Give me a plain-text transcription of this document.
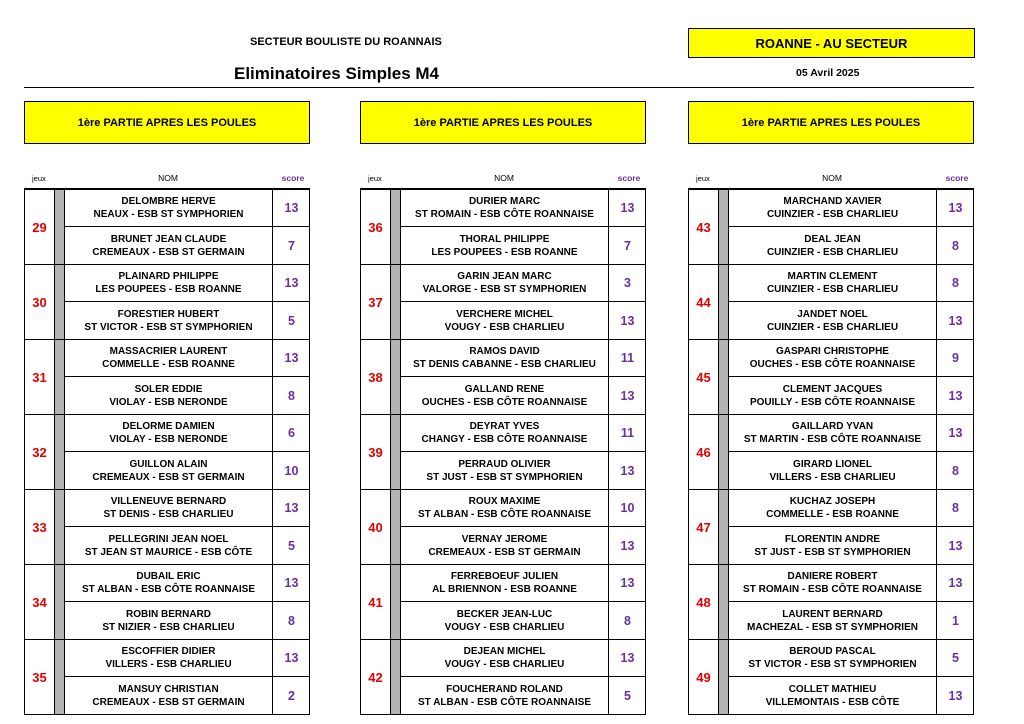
SECTEUR BOULISTE DU ROANNAIS
Eliminatoires Simples M4
ROANNE - AU SECTEUR
05 Avril 2025
1ère PARTIE APRES LES POULES
jeux	NOM	score
29
DELOMBRE HERVE
NEAUX - ESB ST SYMPHORIEN	13
BRUNET JEAN CLAUDE
CREMEAUX - ESB ST GERMAIN	7
30
PLAINARD PHILIPPE
LES POUPEES - ESB ROANNE	13
FORESTIER HUBERT
ST VICTOR - ESB ST SYMPHORIEN	5
31
MASSACRIER LAURENT
COMMELLE - ESB ROANNE	13
SOLER EDDIE
VIOLAY - ESB NERONDE	8
32
DELORME DAMIEN
VIOLAY - ESB NERONDE	6
GUILLON ALAIN
CREMEAUX - ESB ST GERMAIN	10
33
VILLENEUVE BERNARD
ST DENIS - ESB CHARLIEU	13
PELLEGRINI JEAN NOEL
ST JEAN ST MAURICE - ESB CÔTE	5
34
DUBAIL ERIC
ST ALBAN - ESB CÔTE ROANNAISE	13
ROBIN BERNARD
ST NIZIER - ESB CHARLIEU	8
35
ESCOFFIER DIDIER
VILLERS - ESB CHARLIEU	13
MANSUY CHRISTIAN
CREMEAUX - ESB ST GERMAIN	2
1ère PARTIE APRES LES POULES
jeux	NOM	score
36
DURIER MARC
ST ROMAIN - ESB CÔTE ROANNAISE	13
THORAL PHILIPPE
LES POUPEES - ESB ROANNE	7
37
GARIN JEAN MARC
VALORGE - ESB ST SYMPHORIEN	3
VERCHERE MICHEL
VOUGY - ESB CHARLIEU	13
38
RAMOS DAVID
ST DENIS CABANNE - ESB CHARLIEU	11
GALLAND RENE
OUCHES - ESB CÔTE ROANNAISE	13
39
DEYRAT YVES
CHANGY - ESB CÔTE ROANNAISE	11
PERRAUD OLIVIER
ST JUST - ESB ST SYMPHORIEN	13
40
ROUX MAXIME
ST ALBAN - ESB CÔTE ROANNAISE	10
VERNAY JEROME
CREMEAUX - ESB ST GERMAIN	13
41
FERREBOEUF JULIEN
AL BRIENNON - ESB ROANNE	13
BECKER JEAN-LUC
VOUGY - ESB CHARLIEU	8
42
DEJEAN MICHEL
VOUGY - ESB CHARLIEU	13
FOUCHERAND ROLAND
ST ALBAN - ESB CÔTE ROANNAISE	5
1ère PARTIE APRES LES POULES
jeux	NOM	score
43
MARCHAND XAVIER
CUINZIER - ESB CHARLIEU	13
DEAL JEAN
CUINZIER - ESB CHARLIEU	8
44
MARTIN CLEMENT
CUINZIER - ESB CHARLIEU	8
JANDET NOEL
CUINZIER - ESB CHARLIEU	13
45
GASPARI CHRISTOPHE
OUCHES - ESB CÔTE ROANNAISE	9
CLEMENT JACQUES
POUILLY - ESB CÔTE ROANNAISE	13
46
GAILLARD YVAN
ST MARTIN - ESB CÔTE ROANNAISE	13
GIRARD LIONEL
VILLERS - ESB CHARLIEU	8
47
KUCHAZ JOSEPH
COMMELLE - ESB ROANNE	8
FLORENTIN ANDRE
ST JUST - ESB ST SYMPHORIEN	13
48
DANIERE ROBERT
ST ROMAIN - ESB CÔTE ROANNAISE	13
LAURENT BERNARD
MACHEZAL - ESB ST SYMPHORIEN	1
49
BEROUD PASCAL
ST VICTOR - ESB ST SYMPHORIEN	5
COLLET MATHIEU
VILLEMONTAIS - ESB CÔTE	13
